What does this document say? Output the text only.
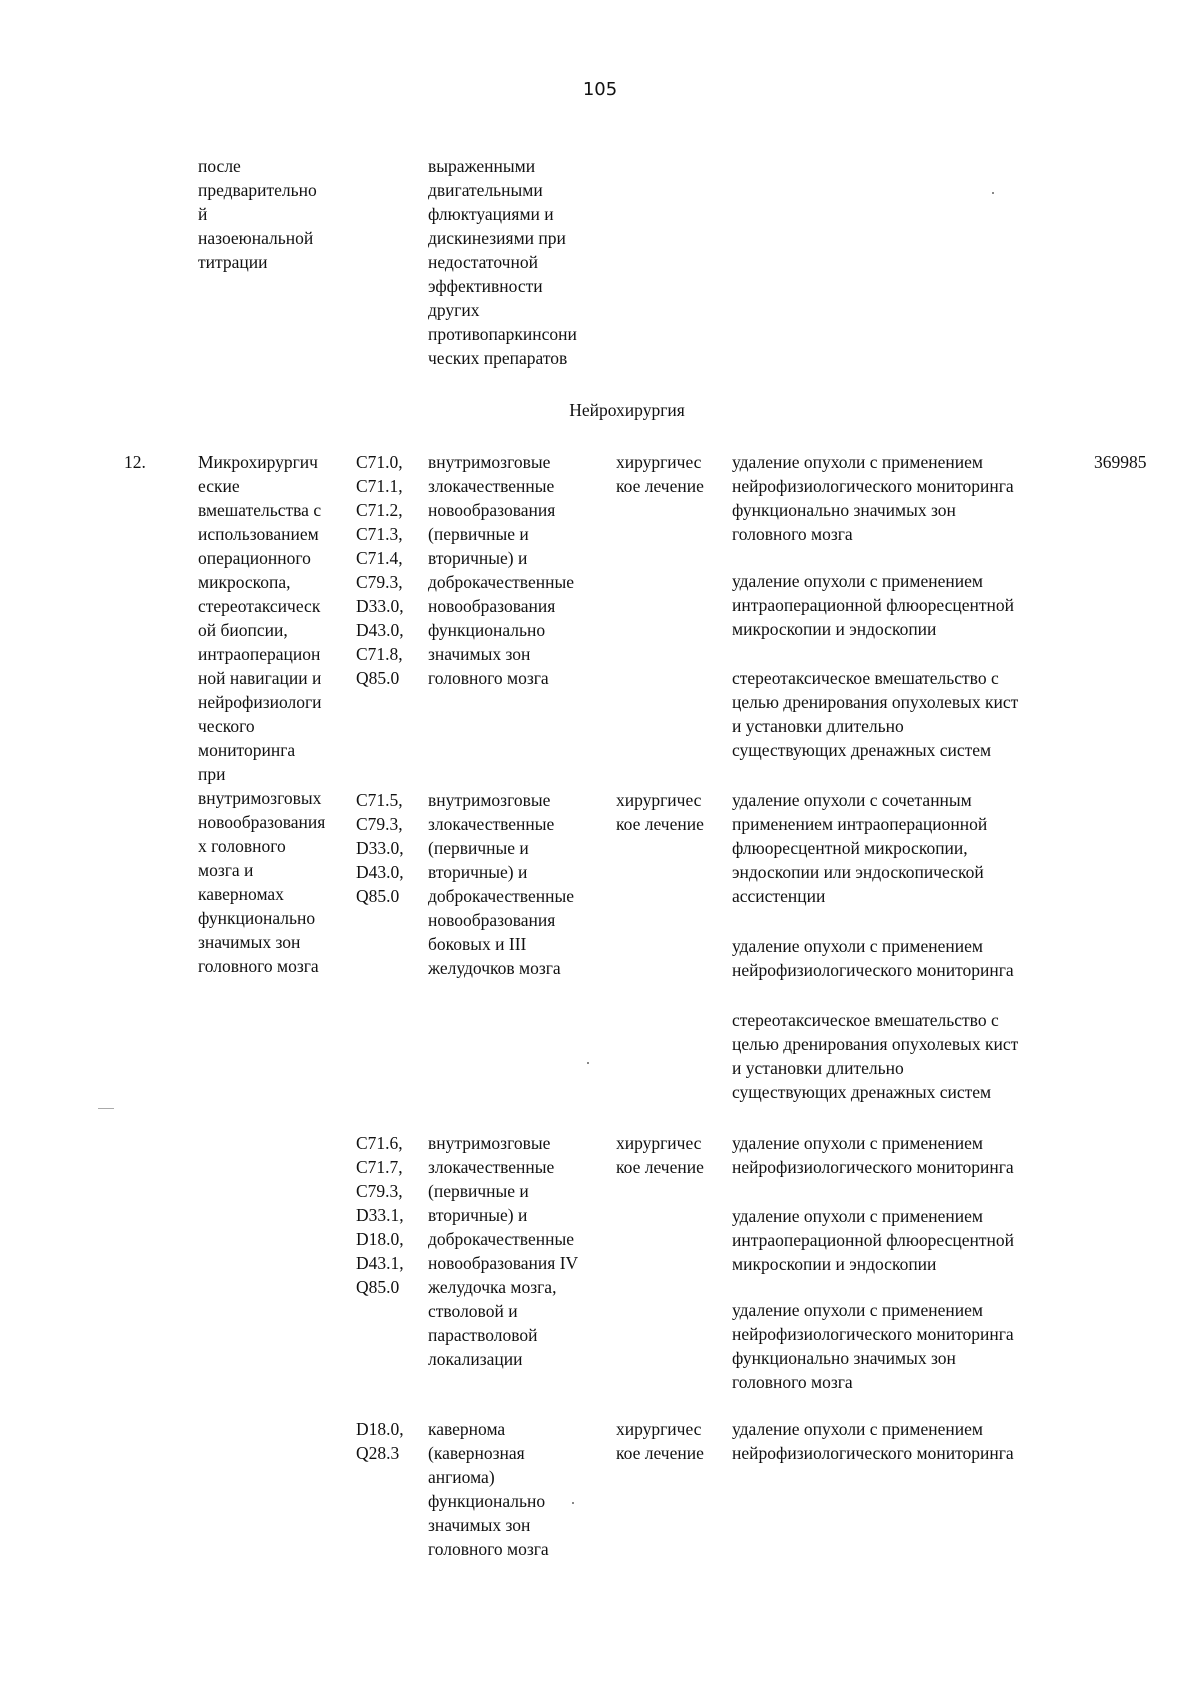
105

после
предварительно
й
назоеюнальной
титрации

выраженными
двигательными
флюктуациями и
дискинезиями при
недостаточной
эффективности
других
противопаркинсони
ческих препаратов

Нейрохирургия

12.	Микрохирургич
еские
вмешательства с
использованием
операционного
микроскопа,
стереотаксическ
ой биопсии,
интраоперацион
ной навигации и
нейрофизиологи
ческого
мониторинга
при
внутримозговых
новообразования
х головного
мозга и
каверномах
функционально
значимых зон
головного мозга

369985

C71.0,
C71.1,
C71.2,
C71.3,
C71.4,
C79.3,
D33.0,
D43.0,
C71.8,
Q85.0

внутримозговые
злокачественные
новообразования
(первичные и
вторичные) и
доброкачественные
новообразования
функционально
значимых зон
головного мозга

хирургичес
кое лечение

удаление опухоли с применением
нейрофизиологического мониторинга
функционально значимых зон
головного мозга

удаление опухоли с применением
интраоперационной флюоресцентной
микроскопии и эндоскопии

стереотаксическое вмешательство с
целью дренирования опухолевых кист
и установки длительно
существующих дренажных систем

C71.5,
C79.3,
D33.0,
D43.0,
Q85.0

внутримозговые
злокачественные
(первичные и
вторичные) и
доброкачественные
новообразования
боковых и III
желудочков мозга

хирургичес
кое лечение

удаление опухоли с сочетанным
применением интраоперационной
флюоресцентной микроскопии,
эндоскопии или эндоскопической
ассистенции

удаление опухоли с применением
нейрофизиологического мониторинга

стереотаксическое вмешательство с
целью дренирования опухолевых кист
и установки длительно
существующих дренажных систем

C71.6,
C71.7,
C79.3,
D33.1,
D18.0,
D43.1,
Q85.0

внутримозговые
злокачественные
(первичные и
вторичные) и
доброкачественные
новообразования IV
желудочка мозга,
стволовой и
парастволовой
локализации

хирургичес
кое лечение

удаление опухоли с применением
нейрофизиологического мониторинга

удаление опухоли с применением
интраоперационной флюоресцентной
микроскопии и эндоскопии

удаление опухоли с применением
нейрофизиологического мониторинга
функционально значимых зон
головного мозга

D18.0,
Q28.3

кавернома
(кавернозная
ангиома)
функционально
значимых зон
головного мозга

хирургичес
кое лечение

удаление опухоли с применением
нейрофизиологического мониторинга
